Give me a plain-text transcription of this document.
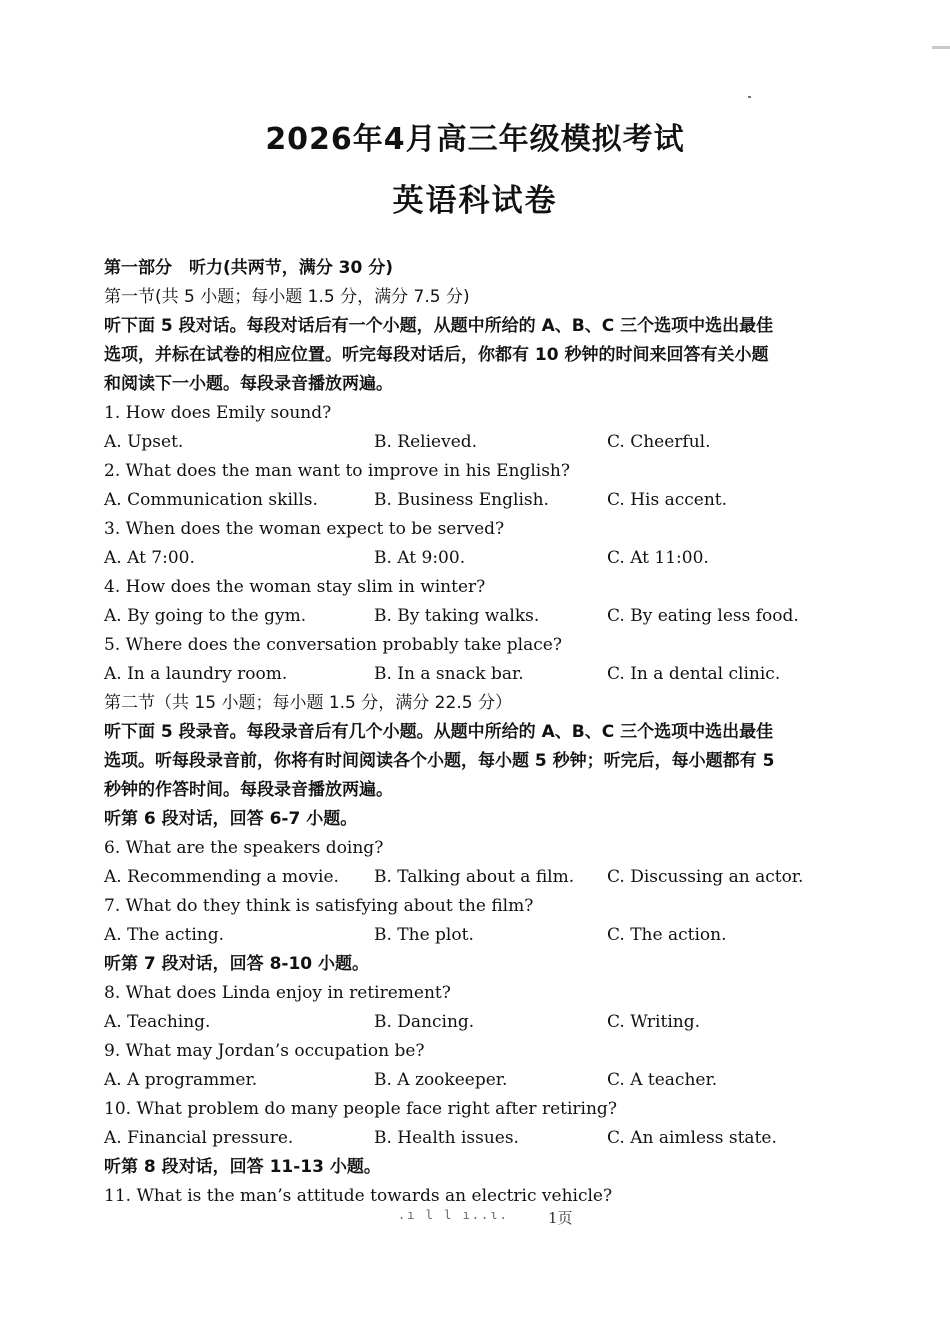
2026年4月高三年级模拟考试
英语科试卷
第一部分　听力(共两节，满分 30 分)
第一节(共 5 小题；每小题 1.5 分，满分 7.5 分)
听下面 5 段对话。每段对话后有一个小题，从题中所给的 A、B、C 三个选项中选出最佳
选项，并标在试卷的相应位置。听完每段对话后，你都有 10 秒钟的时间来回答有关小题
和阅读下一小题。每段录音播放两遍。
1. How does Emily sound?
A. Upset.	B. Relieved.	C. Cheerful.
2. What does the man want to improve in his English?
A. Communication skills.	B. Business English.	C. His accent.
3. When does the woman expect to be served?
A. At 7:00.	B. At 9:00.	C. At 11:00.
4. How does the woman stay slim in winter?
A. By going to the gym.	B. By taking walks.	C. By eating less food.
5. Where does the conversation probably take place?
A. In a laundry room.	B. In a snack bar.	C. In a dental clinic.
第二节（共 15 小题；每小题 1.5 分，满分 22.5 分）
听下面 5 段录音。每段录音后有几个小题。从题中所给的 A、B、C 三个选项中选出最佳
选项。听每段录音前，你将有时间阅读各个小题，每小题 5 秒钟；听完后，每小题都有 5
秒钟的作答时间。每段录音播放两遍。
听第 6 段对话，回答 6-7 小题。
6. What are the speakers doing?
A. Recommending a movie. B. Talking about a film. C. Discussing an actor.
7. What do they think is satisfying about the film?
A. The acting.	B. The plot.	C. The action.
听第 7 段对话，回答 8-10 小题。
8. What does Linda enjoy in retirement?
A. Teaching.	B. Dancing.	C. Writing.
9. What may Jordan’s occupation be?
A. A programmer.	B. A zookeeper.	C. A teacher.
10. What problem do many people face right after retiring?
A. Financial pressure.	B. Health issues.	C. An aimless state.
听第 8 段对话，回答 11-13 小题。
11. What is the man’s attitude towards an electric vehicle?
.ı l l ı..ɩ.	1页
